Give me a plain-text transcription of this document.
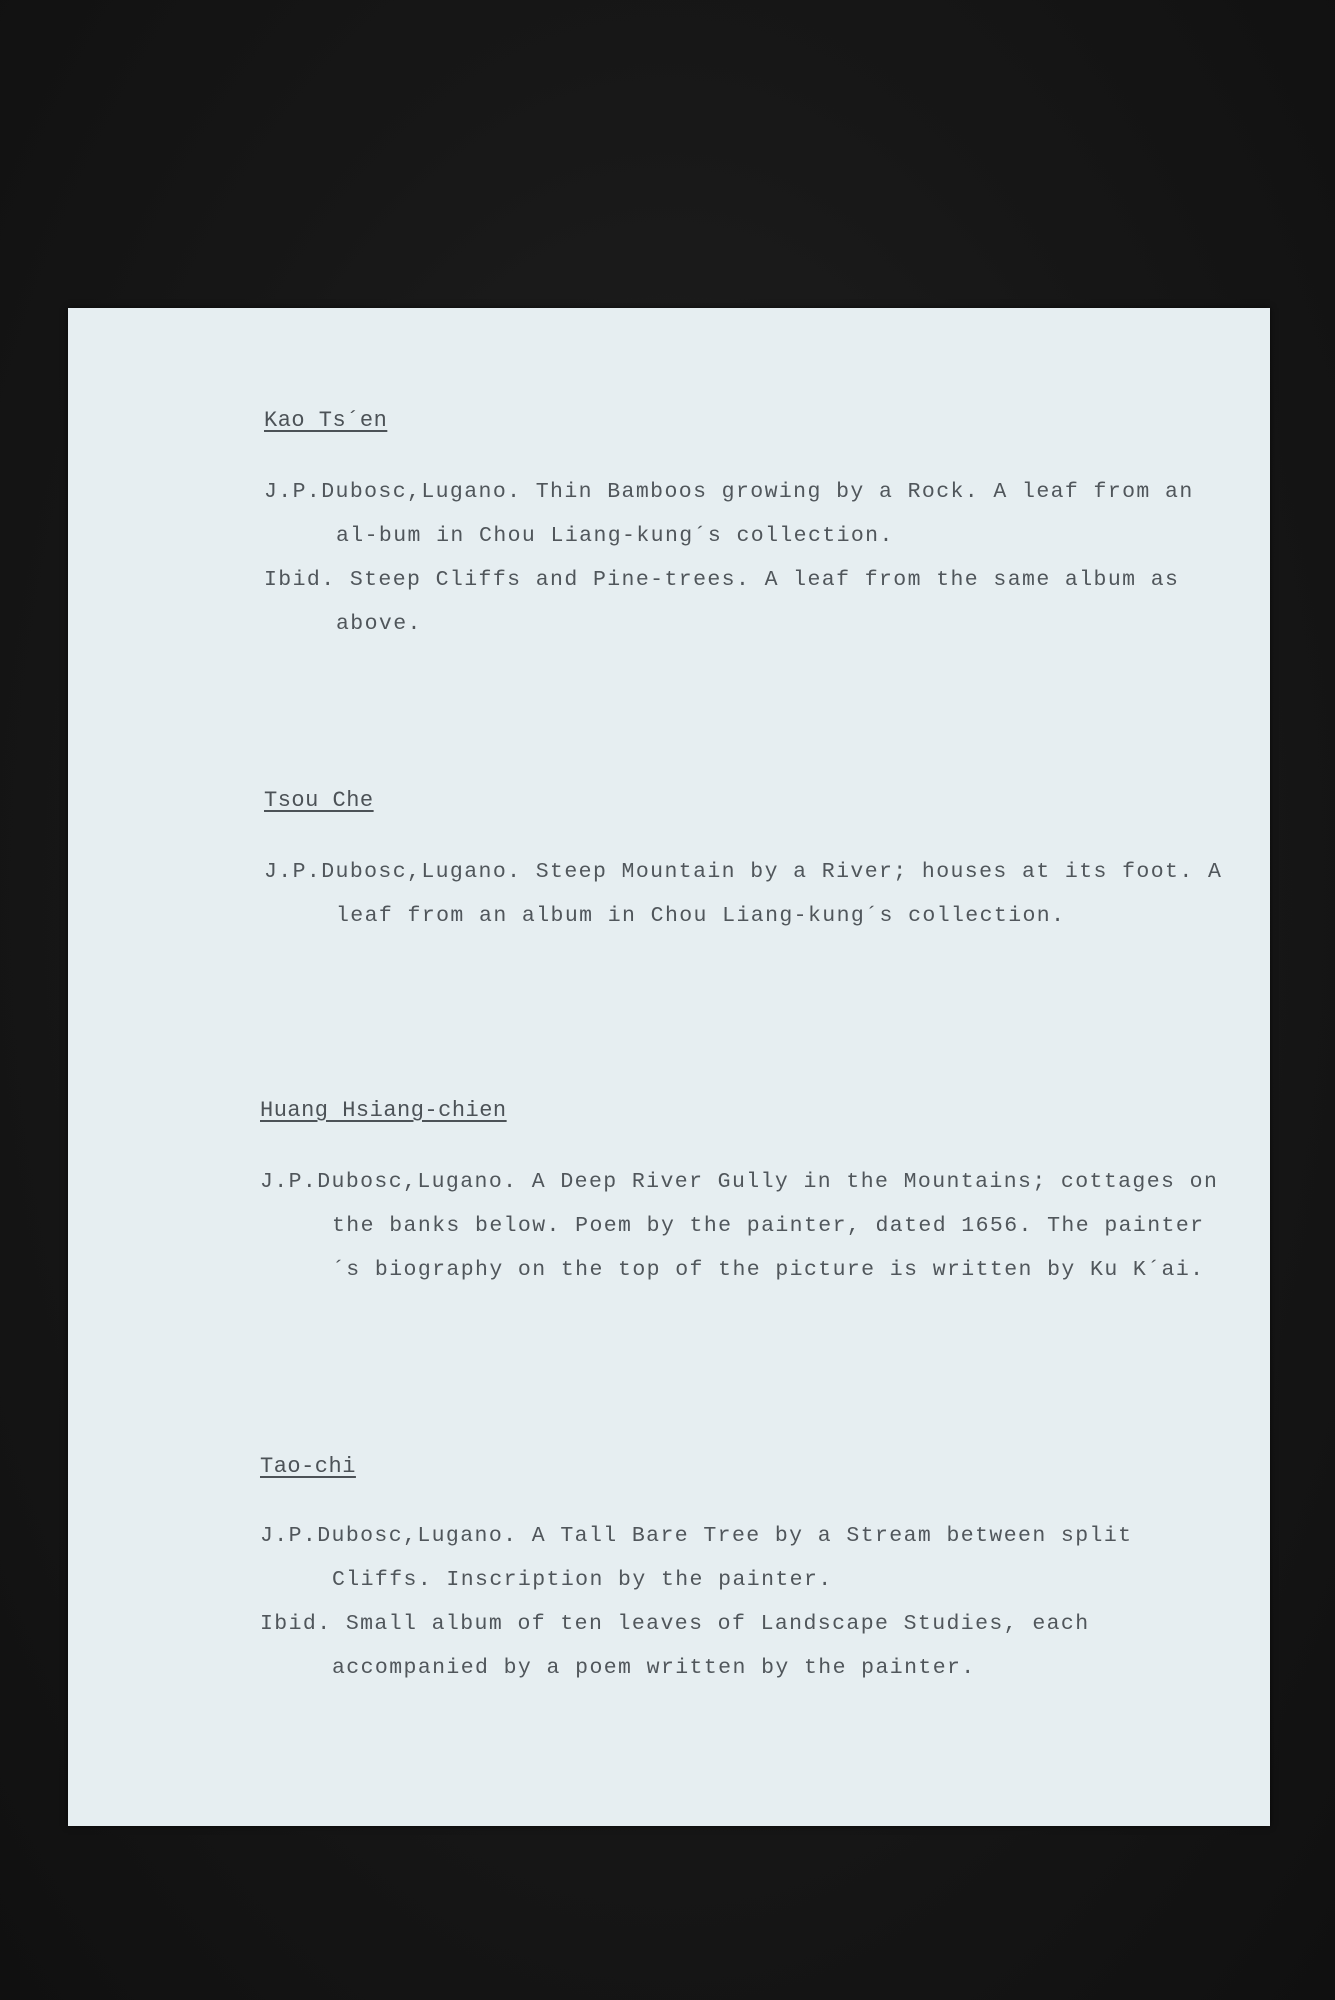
Kao Ts´en

J.P.Dubosc,Lugano. Thin Bamboos growing by a Rock. A leaf from an al-bum in Chou Liang-kung´s collection.

Ibid. Steep Cliffs and Pine-trees. A leaf from the same album as above.

Tsou Che

J.P.Dubosc,Lugano. Steep Mountain by a River; houses at its foot. A leaf from an album in Chou Liang-kung´s collection.

Huang Hsiang-chien

J.P.Dubosc,Lugano. A Deep River Gully in the Mountains; cottages on the banks below. Poem by the painter, dated 1656. The painter´s biography on the top of the picture is written by Ku K´ai.

Tao-chi

J.P.Dubosc,Lugano. A Tall Bare Tree by a Stream between split Cliffs. Inscription by the painter.

Ibid. Small album of ten leaves of Landscape Studies, each accompanied by a poem written by the painter.
